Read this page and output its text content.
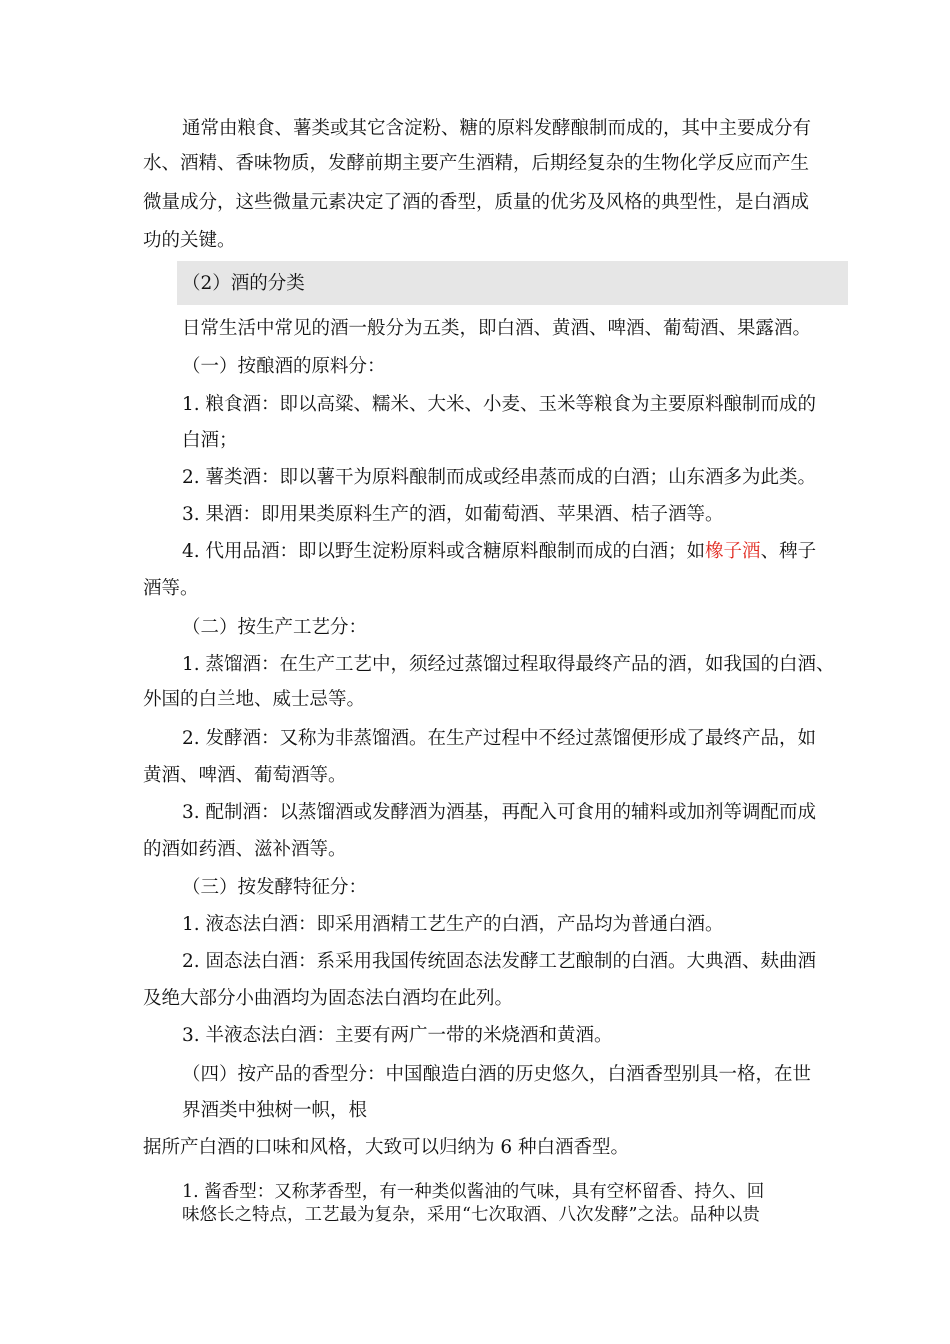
通常由粮食、薯类或其它含淀粉、糖的原料发酵酿制而成的，其中主要成分有
水、酒精、香味物质，发酵前期主要产生酒精，后期经复杂的生物化学反应而产生
微量成分，这些微量元素决定了酒的香型，质量的优劣及风格的典型性，是白酒成
功的关键。
（2）酒的分类
日常生活中常见的酒一般分为五类，即白酒、黄酒、啤酒、葡萄酒、果露酒。
（一）按酿酒的原料分：
1. 粮食酒：即以高粱、糯米、大米、小麦、玉米等粮食为主要原料酿制而成的
白酒；
2. 薯类酒：即以薯干为原料酿制而成或经串蒸而成的白酒；山东酒多为此类。
3. 果酒：即用果类原料生产的酒，如葡萄酒、苹果酒、桔子酒等。
4. 代用品酒：即以野生淀粉原料或含糖原料酿制而成的白酒；如橡子酒、稗子
酒等。
（二）按生产工艺分：
1. 蒸馏酒：在生产工艺中，须经过蒸馏过程取得最终产品的酒，如我国的白酒、
外国的白兰地、威士忌等。
2. 发酵酒：又称为非蒸馏酒。在生产过程中不经过蒸馏便形成了最终产品，如
黄酒、啤酒、葡萄酒等。
3. 配制酒：以蒸馏酒或发酵酒为酒基，再配入可食用的辅料或加剂等调配而成
的酒如药酒、滋补酒等。
（三）按发酵特征分：
1. 液态法白酒：即采用酒精工艺生产的白酒，产品均为普通白酒。
2. 固态法白酒：系采用我国传统固态法发酵工艺酿制的白酒。大典酒、麸曲酒
及绝大部分小曲酒均为固态法白酒均在此列。
3. 半液态法白酒：主要有两广一带的米烧酒和黄酒。
（四）按产品的香型分：中国酿造白酒的历史悠久，白酒香型别具一格，在世
界酒类中独树一帜，根
据所产白酒的口味和风格，大致可以归纳为 6 种白酒香型。
1. 酱香型：又称茅香型，有一种类似酱油的气味，具有空杯留香、持久、回
味悠长之特点，工艺最为复杂，采用“七次取酒、八次发酵”之法。品种以贵
